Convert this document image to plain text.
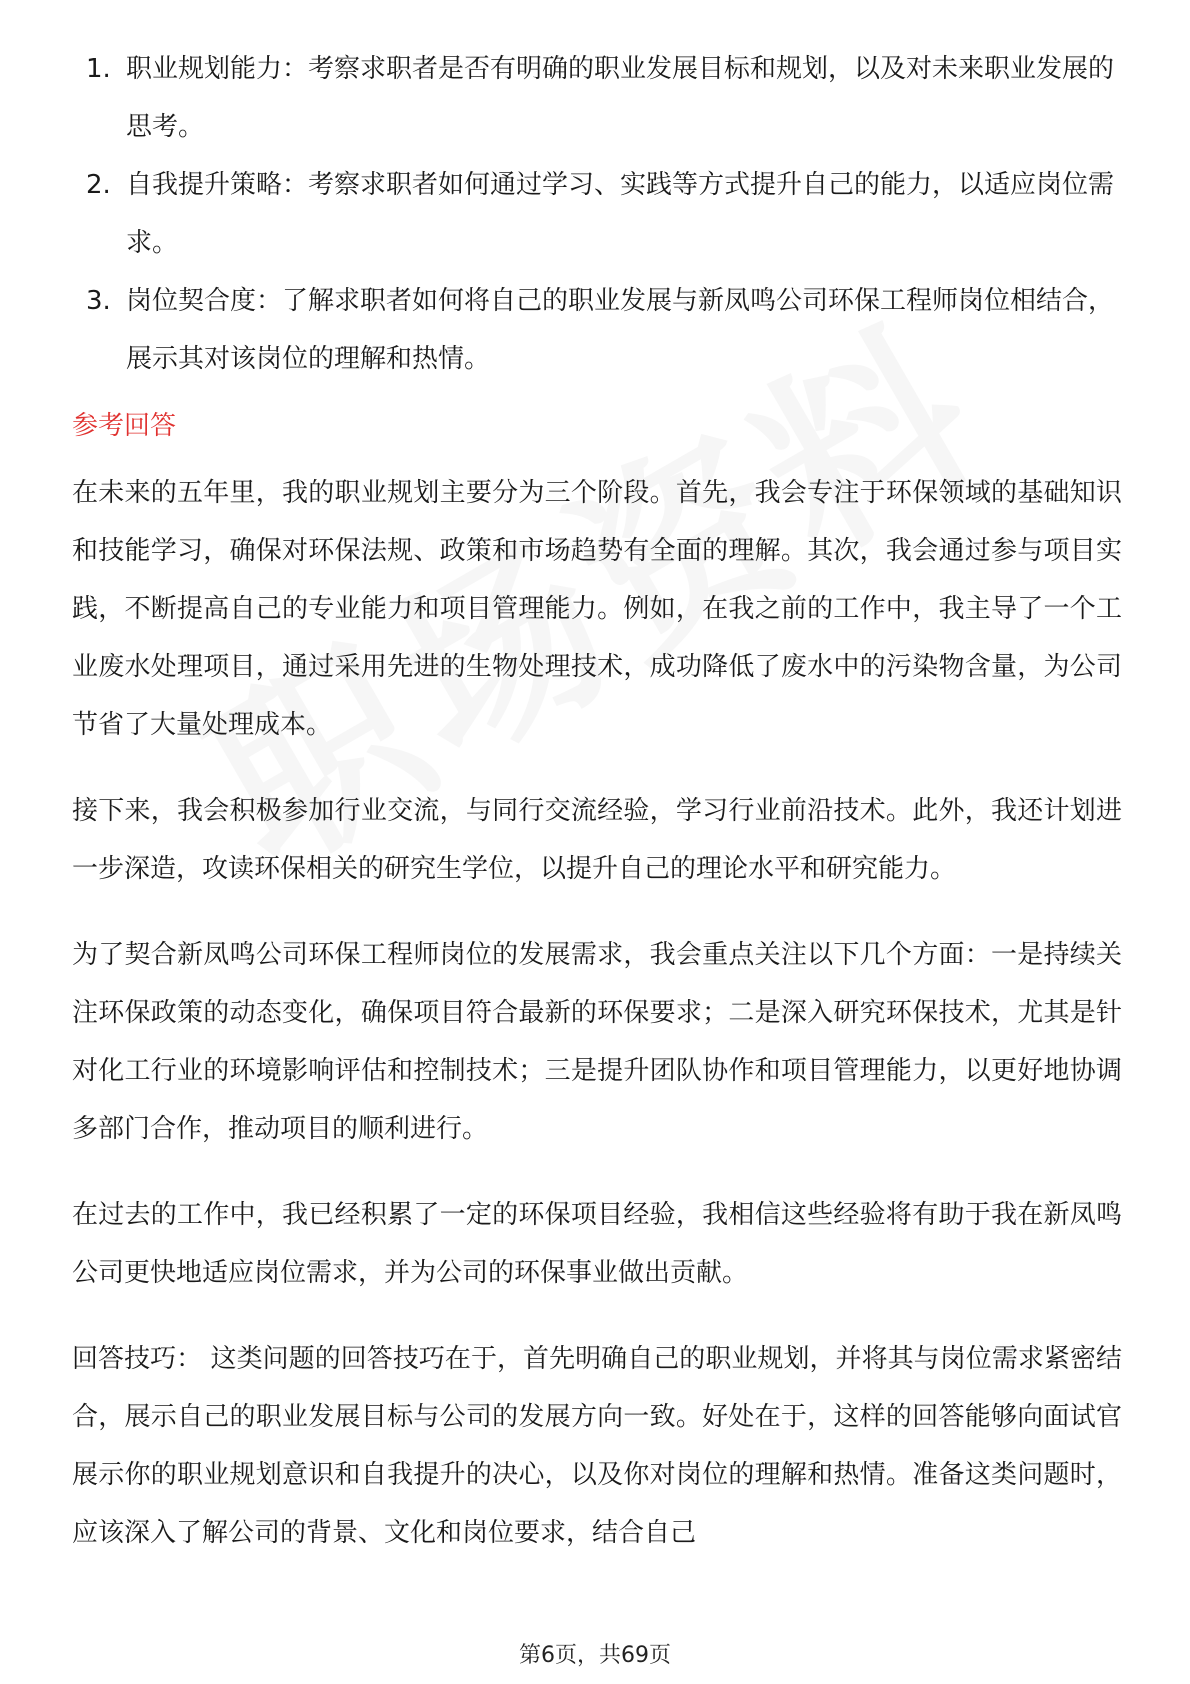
1. 职业规划能力：考察求职者是否有明确的职业发展目标和规划，以及对未来职业发展的思考。
2. 自我提升策略：考察求职者如何通过学习、实践等方式提升自己的能力，以适应岗位需求。
3. 岗位契合度：了解求职者如何将自己的职业发展与新凤鸣公司环保工程师岗位相结合，展示其对该岗位的理解和热情。
参考回答

在未来的五年里，我的职业规划主要分为三个阶段。首先，我会专注于环保领域的基础知识和技能学习，确保对环保法规、政策和市场趋势有全面的理解。其次，我会通过参与项目实践，不断提高自己的专业能力和项目管理能力。例如，在我之前的工作中，我主导了一个工业废水处理项目，通过采用先进的生物处理技术，成功降低了废水中的污染物含量，为公司节省了大量处理成本。

接下来，我会积极参加行业交流，与同行交流经验，学习行业前沿技术。此外，我还计划进一步深造，攻读环保相关的研究生学位，以提升自己的理论水平和研究能力。

为了契合新凤鸣公司环保工程师岗位的发展需求，我会重点关注以下几个方面：一是持续关注环保政策的动态变化，确保项目符合最新的环保要求；二是深入研究环保技术，尤其是针对化工行业的环境影响评估和控制技术；三是提升团队协作和项目管理能力，以更好地协调多部门合作，推动项目的顺利进行。

在过去的工作中，我已经积累了一定的环保项目经验，我相信这些经验将有助于我在新凤鸣公司更快地适应岗位需求，并为公司的环保事业做出贡献。

回答技巧： 这类问题的回答技巧在于，首先明确自己的职业规划，并将其与岗位需求紧密结合，展示自己的职业发展目标与公司的发展方向一致。好处在于，这样的回答能够向面试官展示你的职业规划意识和自我提升的决心，以及你对岗位的理解和热情。准备这类问题时，应该深入了解公司的背景、文化和岗位要求，结合自己

第6页，共69页
